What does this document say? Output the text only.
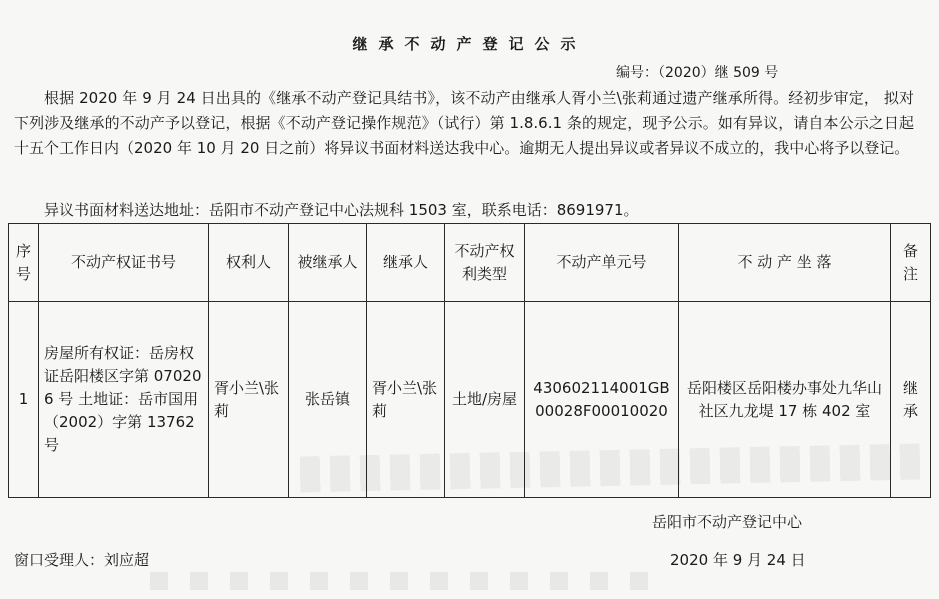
继承不动产登记公示
编号：（2020）继 509 号

根据 2020 年 9 月 24 日出具的《继承不动产登记具结书》，该不动产由继承人胥小兰\张莉通过遗产继承所得。经初步审定， 拟对下列涉及继承的不动产予以登记，根据《不动产登记操作规范》（试行）第 1.8.6.1 条的规定，现予公示。如有异议，请自本公示之日起十五个工作日内（2020 年 10 月 20 日之前）将异议书面材料送达我中心。逾期无人提出异议或者异议不成立的，我中心将予以登记。

异议书面材料送达地址：岳阳市不动产登记中心法规科 1503 室，联系电话：8691971。
序号	不动产权证书号	权利人	被继承人	继承人	不动产权利类型	不动产单元号	不 动 产 坐 落	备注
1	房屋所有权证：岳房权证岳阳楼区字第 070206 号 土地证：岳市国用（2002）字第 13762 号	胥小兰\张莉	张岳镇	胥小兰\张莉	土地/房屋	430602114001GB00028F00010020	岳阳楼区岳阳楼办事处九华山社区九龙堤 17 栋 402 室	继承
岳阳市不动产登记中心
窗口受理人：刘应超	2020 年 9 月 24 日
